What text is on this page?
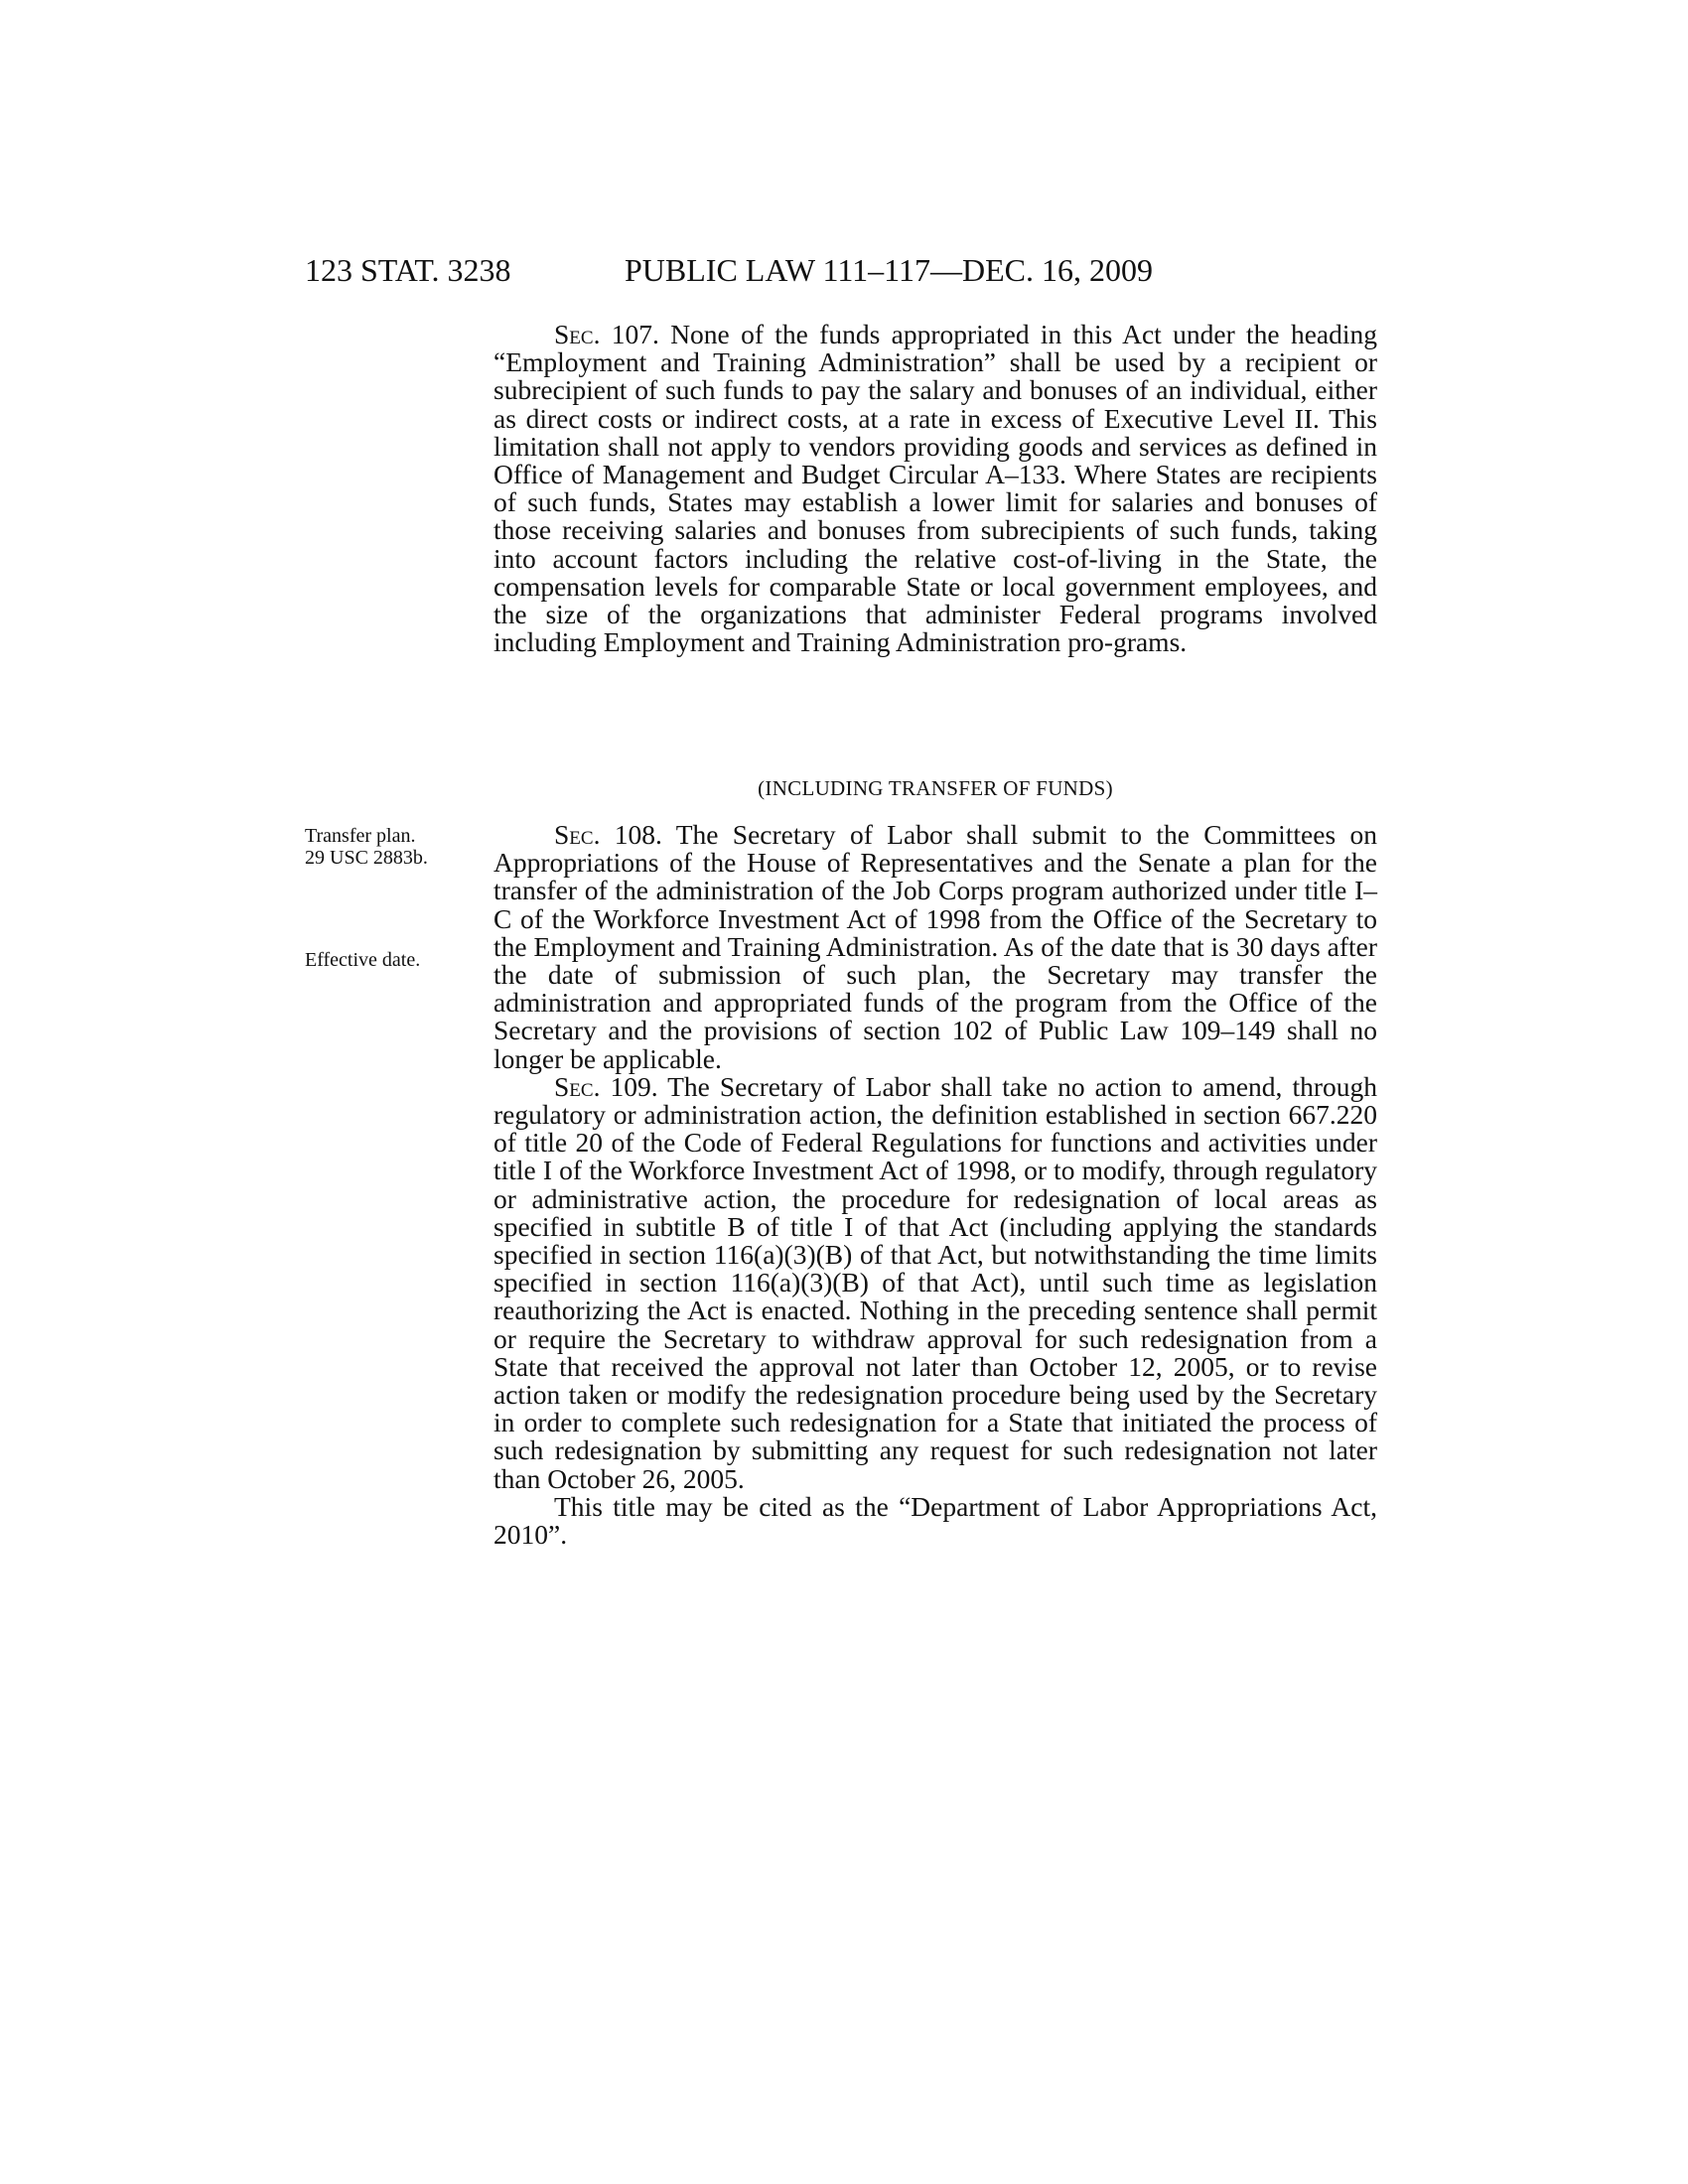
123 STAT. 3238	PUBLIC LAW 111–117—DEC. 16, 2009

Sec. 107. None of the funds appropriated in this Act under the heading “Employment and Training Administration” shall be used by a recipient or subrecipient of such funds to pay the salary and bonuses of an individual, either as direct costs or indirect costs, at a rate in excess of Executive Level II. This limitation shall not apply to vendors providing goods and services as defined in Office of Management and Budget Circular A–133. Where States are recipients of such funds, States may establish a lower limit for salaries and bonuses of those receiving salaries and bonuses from subrecipients of such funds, taking into account factors including the relative cost-of-living in the State, the compensation levels for comparable State or local government employees, and the size of the organizations that administer Federal programs involved including Employment and Training Administration pro-grams.

(INCLUDING TRANSFER OF FUNDS)
Transfer plan.
29 USC 2883b.
Effective date.

Sec. 108. The Secretary of Labor shall submit to the Committees on Appropriations of the House of Representatives and the Senate a plan for the transfer of the administration of the Job Corps program authorized under title I–C of the Workforce Investment Act of 1998 from the Office of the Secretary to the Employment and Training Administration. As of the date that is 30 days after the date of submission of such plan, the Secretary may transfer the administration and appropriated funds of the program from the Office of the Secretary and the provisions of section 102 of Public Law 109–149 shall no longer be applicable.

Sec. 109. The Secretary of Labor shall take no action to amend, through regulatory or administration action, the definition established in section 667.220 of title 20 of the Code of Federal Regulations for functions and activities under title I of the Workforce Investment Act of 1998, or to modify, through regulatory or administrative action, the procedure for redesignation of local areas as specified in subtitle B of title I of that Act (including applying the standards specified in section 116(a)(3)(B) of that Act, but notwithstanding the time limits specified in section 116(a)(3)(B) of that Act), until such time as legislation reauthorizing the Act is enacted. Nothing in the preceding sentence shall permit or require the Secretary to withdraw approval for such redesignation from a State that received the approval not later than October 12, 2005, or to revise action taken or modify the redesignation procedure being used by the Secretary in order to complete such redesignation for a State that initiated the process of such redesignation by submitting any request for such redesignation not later than October 26, 2005.

This title may be cited as the “Department of Labor Appropriations Act, 2010”.
